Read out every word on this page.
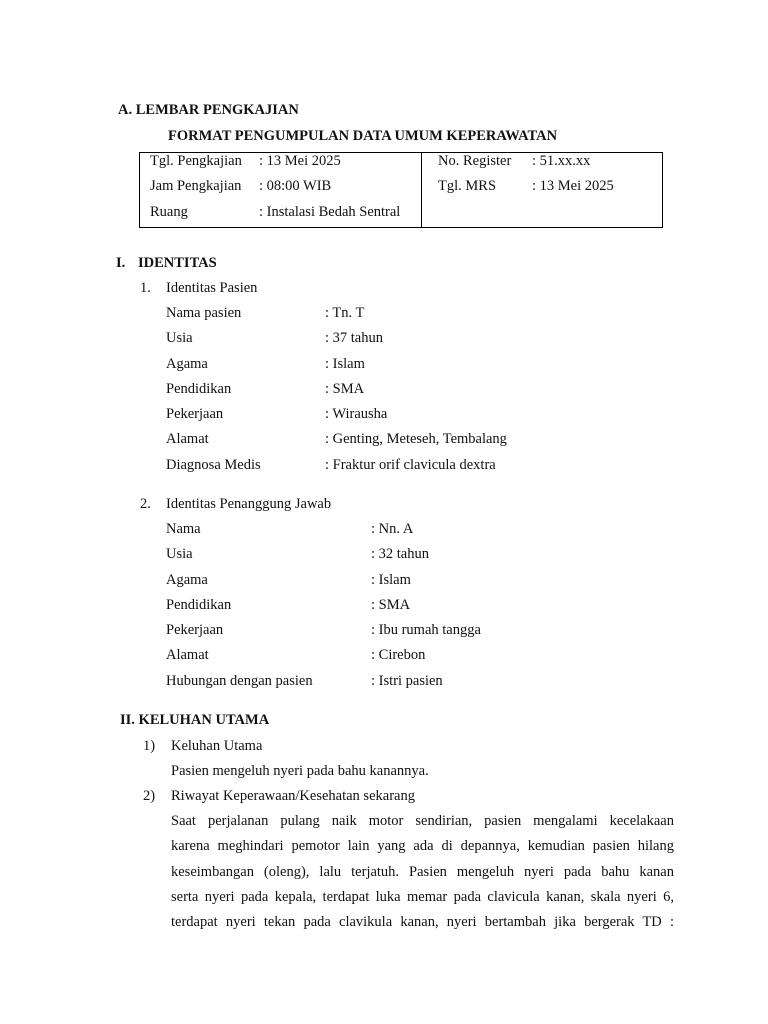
A. LEMBAR PENGKAJIAN
FORMAT PENGUMPULAN DATA UMUM KEPERAWATAN
Tgl. Pengkajian : 13 Mei 2025
Jam Pengkajian : 08:00 WIB
Ruang	: Instalasi Bedah Sentral
No. Register : 51.xx.xx
Tgl. MRS : 13 Mei 2025
I. IDENTITAS
1. Identitas Pasien
Nama pasien	: Tn. T
Usia	: 37 tahun
Agama	: Islam
Pendidikan	: SMA
Pekerjaan	: Wirausha
Alamat	: Genting, Meteseh, Tembalang
Diagnosa Medis	: Fraktur orif clavicula dextra
2. Identitas Penanggung Jawab
Nama	: Nn. A
Usia	: 32 tahun
Agama	: Islam
Pendidikan	: SMA
Pekerjaan	: Ibu rumah tangga
Alamat	: Cirebon
Hubungan dengan pasien	: Istri pasien
II. KELUHAN UTAMA
1) Keluhan Utama
Pasien mengeluh nyeri pada bahu kanannya.
2) Riwayat Keperawaan/Kesehatan sekarang
Saat perjalanan pulang naik motor sendirian, pasien mengalami kecelakaan
karena meghindari pemotor lain yang ada di depannya, kemudian pasien hilang
keseimbangan (oleng), lalu terjatuh. Pasien mengeluh nyeri pada bahu kanan
serta nyeri pada kepala, terdapat luka memar pada clavicula kanan, skala nyeri 6,
terdapat nyeri tekan pada clavikula kanan, nyeri bertambah jika bergerak TD :
